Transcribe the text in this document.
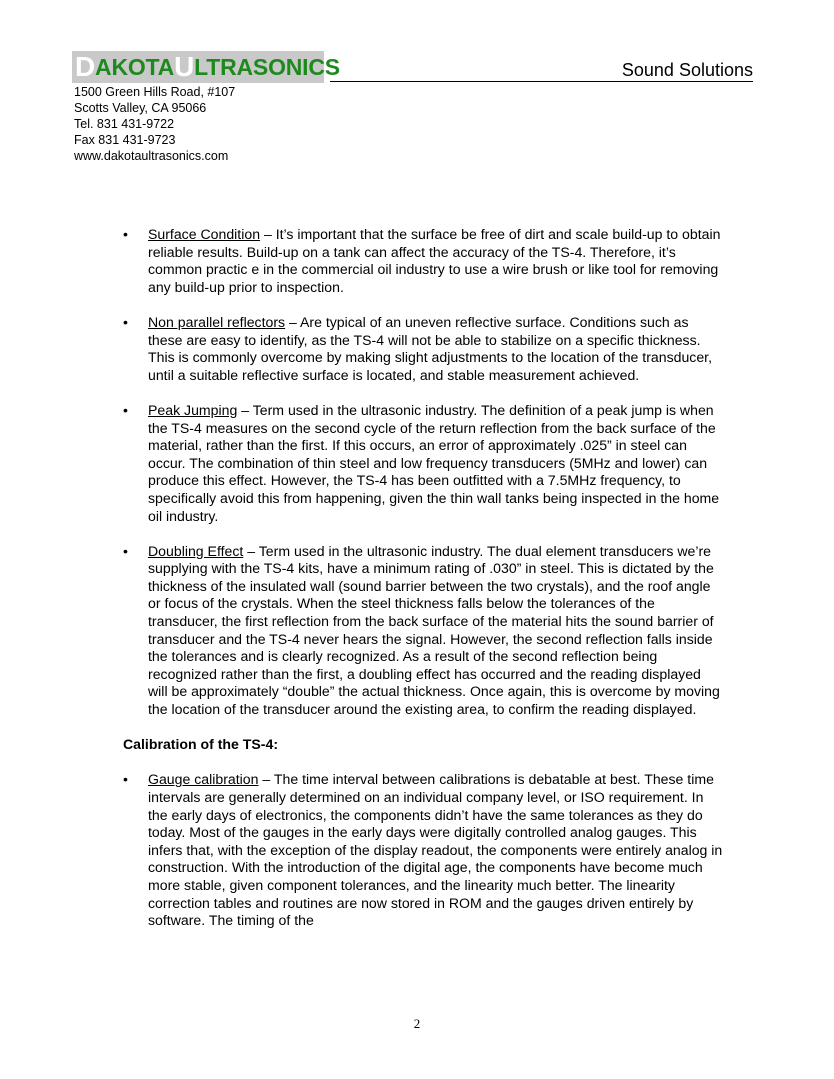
D AKOTA U LTRASONICS	Sound Solutions
1500 Green Hills Road, #107
Scotts Valley, CA 95066
Tel. 831 431-9722
Fax 831 431-9723
www.dakotaultrasonics.com
• Surface Condition – It’s important that the surface be free of dirt and scale build-up to obtain reliable results. Build-up on a tank can affect the accuracy of the TS-4. Therefore, it’s common practic e in the commercial oil industry to use a wire brush or like tool for removing any build-up prior to inspection.
• Non parallel reflectors – Are typical of an uneven reflective surface. Conditions such as these are easy to identify, as the TS-4 will not be able to stabilize on a specific thickness. This is commonly overcome by making slight adjustments to the location of the transducer, until a suitable reflective surface is located, and stable measurement achieved.
• Peak Jumping – Term used in the ultrasonic industry. The definition of a peak jump is when the TS-4 measures on the second cycle of the return reflection from the back surface of the material, rather than the first. If this occurs, an error of approximately .025” in steel can occur. The combination of thin steel and low frequency transducers (5MHz and lower) can produce this effect. However, the TS-4 has been outfitted with a 7.5MHz frequency, to specifically avoid this from happening, given the thin wall tanks being inspected in the home oil industry.
• Doubling Effect – Term used in the ultrasonic industry. The dual element transducers we’re supplying with the TS-4 kits, have a minimum rating of .030” in steel. This is dictated by the thickness of the insulated wall (sound barrier between the two crystals), and the roof angle or focus of the crystals. When the steel thickness falls below the tolerances of the transducer, the first reflection from the back surface of the material hits the sound barrier of transducer and the TS-4 never hears the signal. However, the second reflection falls inside the tolerances and is clearly recognized. As a result of the second reflection being recognized rather than the first, a doubling effect has occurred and the reading displayed will be approximately “double” the actual thickness. Once again, this is overcome by moving the location of the transducer around the existing area, to confirm the reading displayed.
Calibration of the TS-4:
• Gauge calibration – The time interval between calibrations is debatable at best. These time intervals are generally determined on an individual company level, or ISO requirement. In the early days of electronics, the components didn’t have the same tolerances as they do today. Most of the gauges in the early days were digitally controlled analog gauges. This infers that, with the exception of the display readout, the components were entirely analog in construction. With the introduction of the digital age, the components have become much more stable, given component tolerances, and the linearity much better. The linearity correction tables and routines are now stored in ROM and the gauges driven entirely by software. The timing of the
2
